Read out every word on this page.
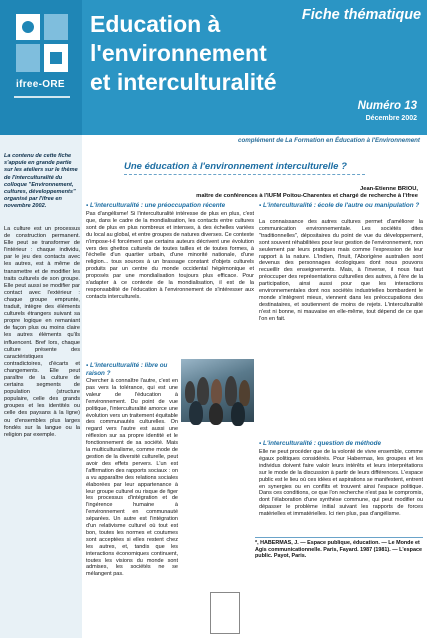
ifree-ORE
Fiche thématique
Education à
l'environnement
et interculturalité
Numéro 13
Décembre 2002
complément de La Formation en Éducation à l'Environnement
La contenu de cette fiche s'appuie en grande partie sur les ateliers sur le thème de l'interculturalité du colloque "Environnement, cultures, développements" organisé par l'ifree en novembre 2002.
La culture est un processus de construction permanent. Elle peut se transformer de l'intérieur : chaque individu, par le jeu des contacts avec les autres, est à même de transmettre et de modifier les traits culturels de son groupe. Elle peut aussi se modifier par contact avec l'extérieur : chaque groupe emprunte, traduit, intègre des éléments culturels étrangers suivant sa propre logique en remaniant de façon plus ou moins claire les autres éléments qu'ils influencent. Bref lors, chaque culture présente des caractéristiques contradictoires, d'écarts et changements. Elle peut paraître de la culture de certains segments de population (structure populaire, celle des grands groupes et les identités ou celle des paysans à la ligne) ou d'ensembles plus larges fondés sur la langue ou la religion par exemple.
Une éducation à l'environnement interculturelle ?
Jean-Etienne BRIOU,
maître de conférences à l'IUFM Poitou-Charentes et chargé de recherche à l'ifree
▪ L'interculturalité : une préoccupation récente
Pas d'angélisme! Si l'interculturalité intéresse de plus en plus, c'est que, dans le cadre de la mondialisation, les contacts entre cultures sont de plus en plus nombreux et intenses, à des échelles variées du local au global, et entre groupes de natures diverses. Ce contexte n'impose-t-il forcément que certains auteurs décrivent une évolution vers des ghettos culturels de toutes tailles et de toutes formes, à l'échelle d'un quartier urbain, d'une minorité nationale, d'une religion... tous sources à un brassage constant d'objets culturels produits par un centre du monde occidental hégémonique et proposés par une mondialisation toujours plus efficace. Pour s'adapter à ce contexte de la mondialisation, il est de la responsabilité de l'éducation à l'environnement de s'intéresser aux contacts interculturels.
▪ L'interculturalité : école de l'autre ou manipulation ?
La connaissance des autres cultures permet d'améliorer la communication environnementale. Les sociétés dites "traditionnelles", dépositaires du point de vue du développement, sont souvent réhabilitées pour leur gestion de l'environnement, non seulement par leurs pratiques mais comme l'expression de leur rapport à la nature. L'Indien, l'Inuit, l'Aborigène australien sont devenus des personnages écologiques dont nous pouvons recueillir des enseignements. Mais, à l'inverse, il nous faut préoccuper des représentations culturelles des autres, à l'ère de la participation, ainsi aussi pour que les interactions environnementales dont nos sociétés industrielles bombardent le monde s'intègrent mieux, viennent dans les préoccupations des destinataires, et soutiennent de moins de rejets. L'interculturalité n'est ni bonne, ni mauvaise en elle-même, tout dépend de ce que l'on en fait.
▪ L'interculturalité : libre ou raison ?
Chercher à connaître l'autre, c'est en pas vers la tolérance, qui est une valeur de l'éducation à l'environnement. Du point de vue politique, l'interculturalité amorce une évolution vers un traitement équitable des communautés culturelles. On regard vers l'autre est aussi une réflexion sur sa propre identité et le fonctionnement de sa société. Mais la multiculturalisme, comme mode de gestion de la diversité culturelle, peut avoir des effets pervers. L'un est l'affirmation des rapports sociaux : on a vu apparaître des relations sociales élaborées par leur appartenance à leur groupe culturel ou risque de figer les processus d'intégration et de l'ingérence humaine à l'environnement en communauté séparées. Un autre est l'intégration d'un relativisme culturel où tout est bon, toutes les normes et coutumes sont acceptées si elles restent chez les autres, et, tandis que les interactions économiques continuent, toutes les visions du monde sont admises, les sociétés ne se mélangent pas.
▪ L'interculturalité : question de méthode
Elle ne peut procéder que de la volonté de vivre ensemble, comme égaux politiques considérés. Pour Habermas, les groupes et les individus doivent faire valoir leurs intérêts et leurs interprétations sur le mode de la discussion à partir de leurs différences. L'espace public est le lieu où ces idées et aspirations se manifestent, entrent en synergies ou en conflits et trouvent ainsi l'espace politique. Dans ces conditions, ce que l'on recherche n'est pas le compromis, dont l'élaboration d'une synthèse commune, qui peut modifier ou dépasser le problème initial suivant les rapports de forces matérielles et immatérielles. Ici rien plus, pas d'angélisme.
*, HABERMAS, J. — Espace publique, éducation. — Le Monde et Agis communicationnelle. Paris, Fayard. 1987 (1981). — L'espace public. Payot, Paris.
